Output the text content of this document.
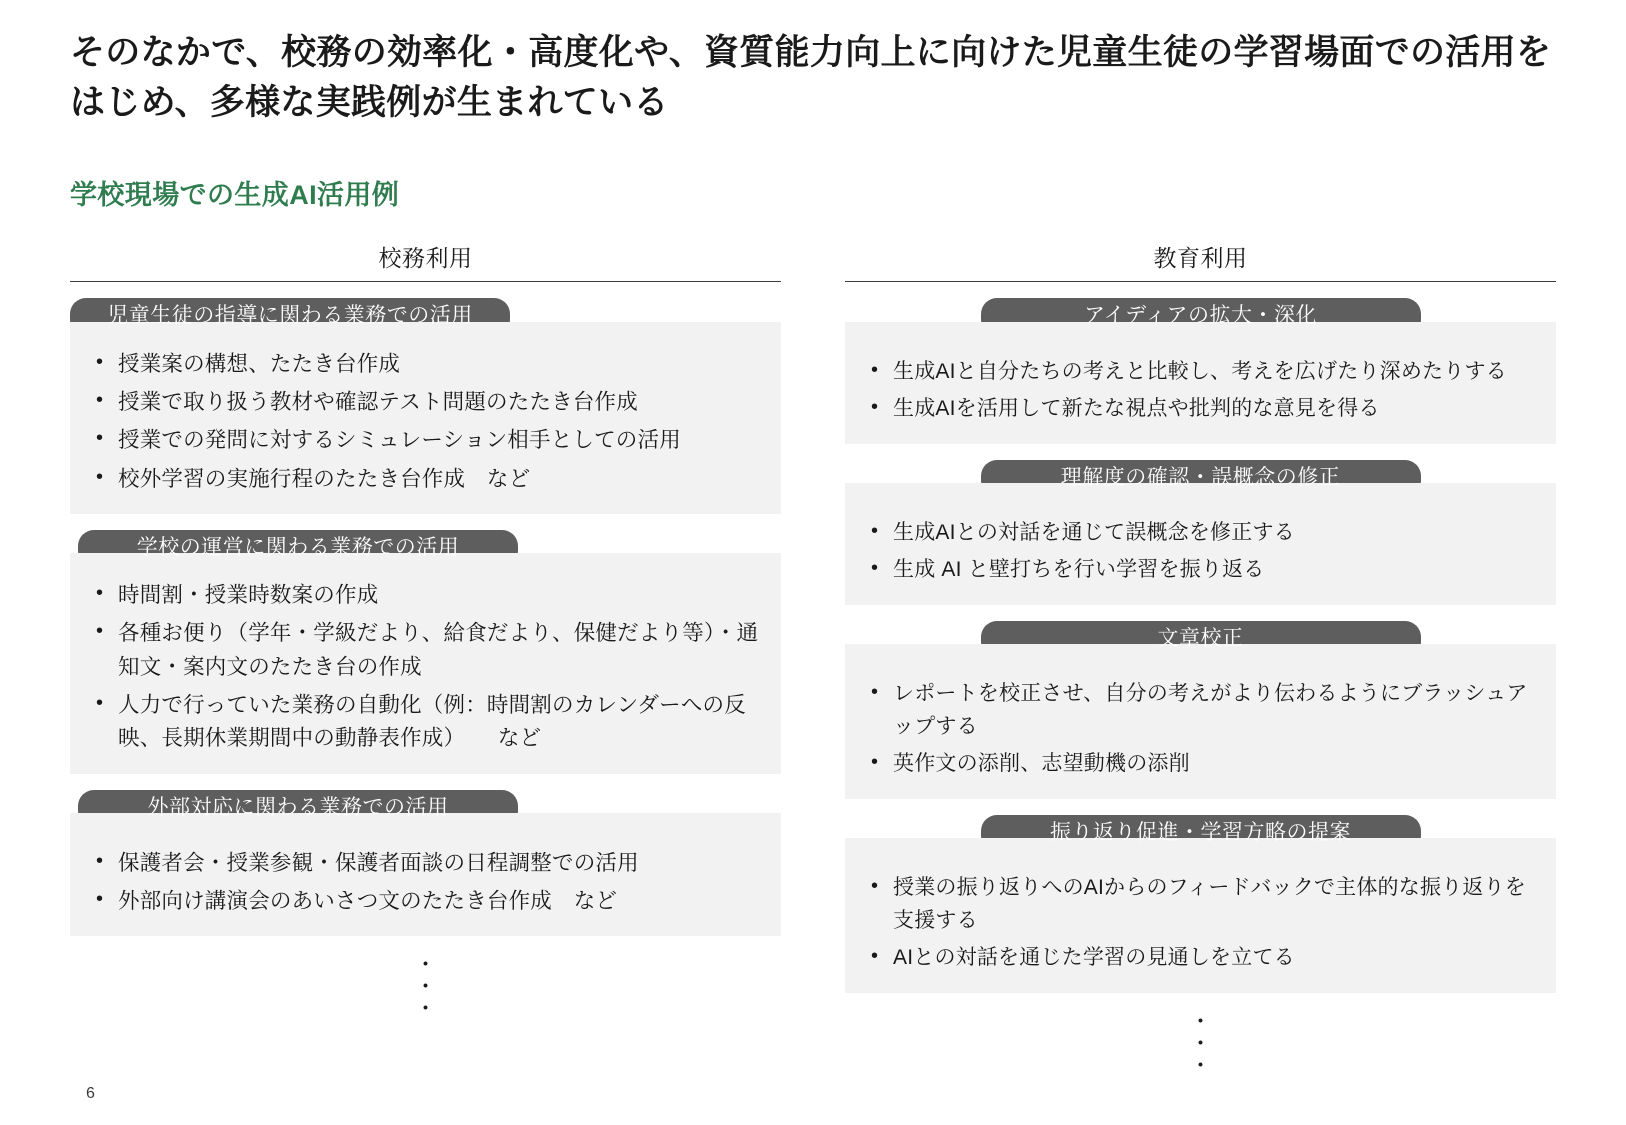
そのなかで、校務の効率化・高度化や、資質能力向上に向けた児童生徒の学習場面での活用をはじめ、多様な実践例が生まれている
学校現場での生成AI活用例
校務利用
児童生徒の指導に関わる業務での活用
• 授業案の構想、たたき台作成
• 授業で取り扱う教材や確認テスト問題のたたき台作成
• 授業での発問に対するシミュレーション相手としての活用
• 校外学習の実施行程のたたき台作成　など
学校の運営に関わる業務での活用
• 時間割・授業時数案の作成
• 各種お便り（学年・学級だより、給食だより、保健だより等）・通知文・案内文のたたき台の作成
• 人力で行っていた業務の自動化（例：時間割のカレンダーへの反映、長期休業期間中の動静表作成）　　など
外部対応に関わる業務での活用
• 保護者会・授業参観・保護者面談の日程調整での活用
• 外部向け講演会のあいさつ文のたたき台作成　など
・
・
・
教育利用
アイディアの拡大・深化
• 生成AIと自分たちの考えと比較し、考えを広げたり深めたりする
• 生成AIを活用して新たな視点や批判的な意見を得る
理解度の確認・誤概念の修正
• 生成AIとの対話を通じて誤概念を修正する
• 生成 AI と壁打ちを行い学習を振り返る
文章校正
• レポートを校正させ、自分の考えがより伝わるようにブラッシュアップする
• 英作文の添削、志望動機の添削
振り返り促進・学習方略の提案
• 授業の振り返りへのAIからのフィードバックで主体的な振り返りを支援する
• AIとの対話を通じた学習の見通しを立てる
・
・
・
6
